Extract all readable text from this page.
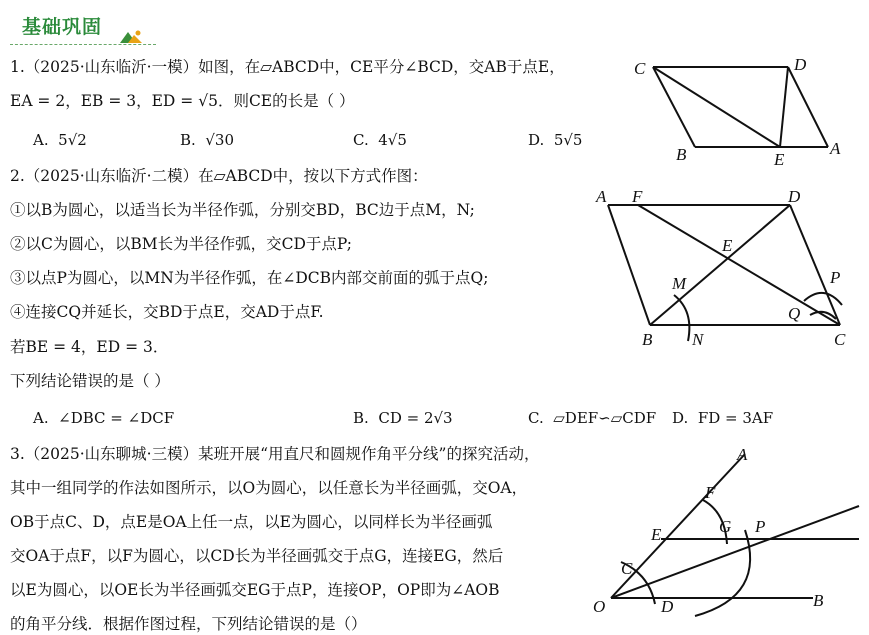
基础巩固
1.（2025·山东临沂·一模）如图，在▱ABCD中，CE平分∠BCD，交AB于点E，
EA = 2，EB = 3，ED = √5．则CE的长是（ ）
A. 5√2	B. √30	C. 4√5	D. 5√5
C	D
B	E
A
2.（2025·山东临沂·二模）在▱ABCD中，按以下方式作图：
①以B为圆心，以适当长为半径作弧，分别交BD，BC边于点M，N;
②以C为圆心，以BM长为半径作弧，交CD于点P;
③以点P为圆心，以MN为半径作弧，在∠DCB内部交前面的弧于点Q;
④连接CQ并延长，交BD于点E，交AD于点F.
若BE = 4，ED = 3．
下列结论错误的是（ ）
A. ∠DBC = ∠DCF	B. CD = 2√3	C. ▱DEF∽▱CDF D. FD = 3AF
A F	D
E
M	P
Q
B N	C
3.（2025·山东聊城·三模）某班开展“用直尺和圆规作角平分线”的探究活动，
其中一组同学的作法如图所示，以O为圆心，以任意长为半径画弧，交OA，
OB于点C、D，点E是OA上任一点，以E为圆心，以同样长为半径画弧
交OA于点F，以F为圆心，以CD长为半径画弧交于点G，连接EG，然后
以E为圆心，以OE长为半径画弧交EG于点P，连接OP，OP即为∠AOB
的角平分线．根据作图过程，下列结论错误的是（）
A
F
G P
E
C
O	D	B
